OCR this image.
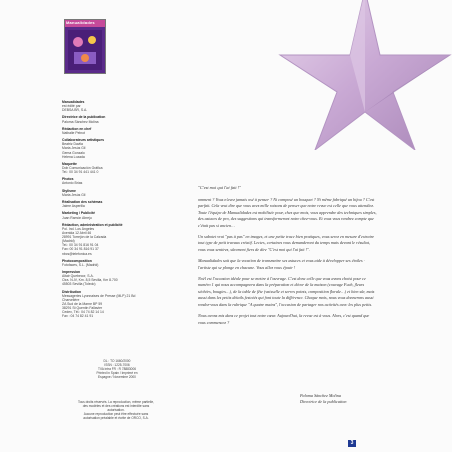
Manualidades
Manualidades
est édité par
DEBSA BR, S.A.
Directrice de la publication
Paloma Sánchez Molina
Rédaction en chef
Nathalie Pelnot
Collaborateurs artistiques
Beatriz Davila
Maria Jesús Gil
Gema Gonzalo
Helena Lozada
Maquette
Dob Comunicación Gráfica
Tel.: 00 34 91 441 441 0
Photos
Antonio Brías
Stylisme
Maria Jesús Gil
Réalisation des schémas
Jaime Asperilla
Marketing / Publicité
Juan Ramón Abreju
Rédaction, administration et publicité
Pol. Ind. Los Ángeles
Avenida 12 Abril 46
28991 Torrejón de la Calzada
(Madrid)
Tel.: 00 34 91 816 91 04
Fax: 00 34 91 816 91 37
nbcs@telefonica.es
Photocomposition
Fotofaces, S.L. (Madrid)
Impression
Altair Quebecor, S.A.
Ctra. N-IV, Km. 8,5 Sevilla, Km 8.700
45503 Sevilla (Toledo)
Distribution
Messageries Lyonnaises de Presse (MLP) 21 Bd Charvelière
ZA Sud de la Marne BP 59
38291 St Quentin Fallavier
Cedex, Tél.: 04 74 82 14 14
Fax : 04 74 82 41 91
DL : TO 1660/2000
ISSN : 1225-7006
TVA intra FR : R 78883006
Printed in Spain / Imprimé en
Espagne / Novembre 2000
Tous droits réservés. La reproduction, même partielle, des modèles et des créations est interdite sans autorisation.
Aucune reproduction peut être effectuée sans autorisation préalable et écrite de ORCO, S.A.
"C'est moi qui l'ai fait !"

omment ? Vous n'avez jamais osé à penser ? Ni composé un bouquet ? Ni même fabriqué un bijou ? C'est parfait. Cela veut dire que vous avez mille raisons de penser que notre revue est celle que vous attendiez. Toute l'équipe de Manualidades est mobilisée pour, chez que mois, vous apprendre des techniques simples, des astuces de pro, des suggestions qui transformeront notre chez-vous. Et vous vous rendrez compte que c'était pas si ancien…

Un sabotet vrai "pas à pas" en images, et une petite trace bien pratiques, vous serez en mesure d'extraire tout type de petit travaux créatif. Lectes, certaines vous demanderont du temps mais devant le résultat, vous vous sentirez, sûrement fiers de dire "C'est moi qui l'ai fait !".

Manualidades sait que la vocation de transmettre ses astuces et vous aide à développer ses étoiles · l'artiste qui se plonge en chacune. Vous allez vous éjouir !

Noël est l'occasion idéale pour se mettre à l'ouvrage. C'est donc celle que vous avons choisi pour ce numéro 1 qui nous accompagnera dans la préparation et décor de la maison (couvage Fuch, fleurs séchées, bougies…), de la table de fête (vaisselle et serres points, composition florale…) et bien sûr, mais aussi dans les petits détails festoiés qui font toute la différence. Chaque mois, nous vous donnerons aussi rendez-vous dans la rubrique "A quatre mains", l'occasion de partager nos activités avec les plus petits.

Nous avons mis dans ce projet tout notre cœur. Aujourd'hui, la revue est à vous. Alors, c'est quand que vous commencez ?

Paloma Sánchez Molina
Directrice de la publication
3
